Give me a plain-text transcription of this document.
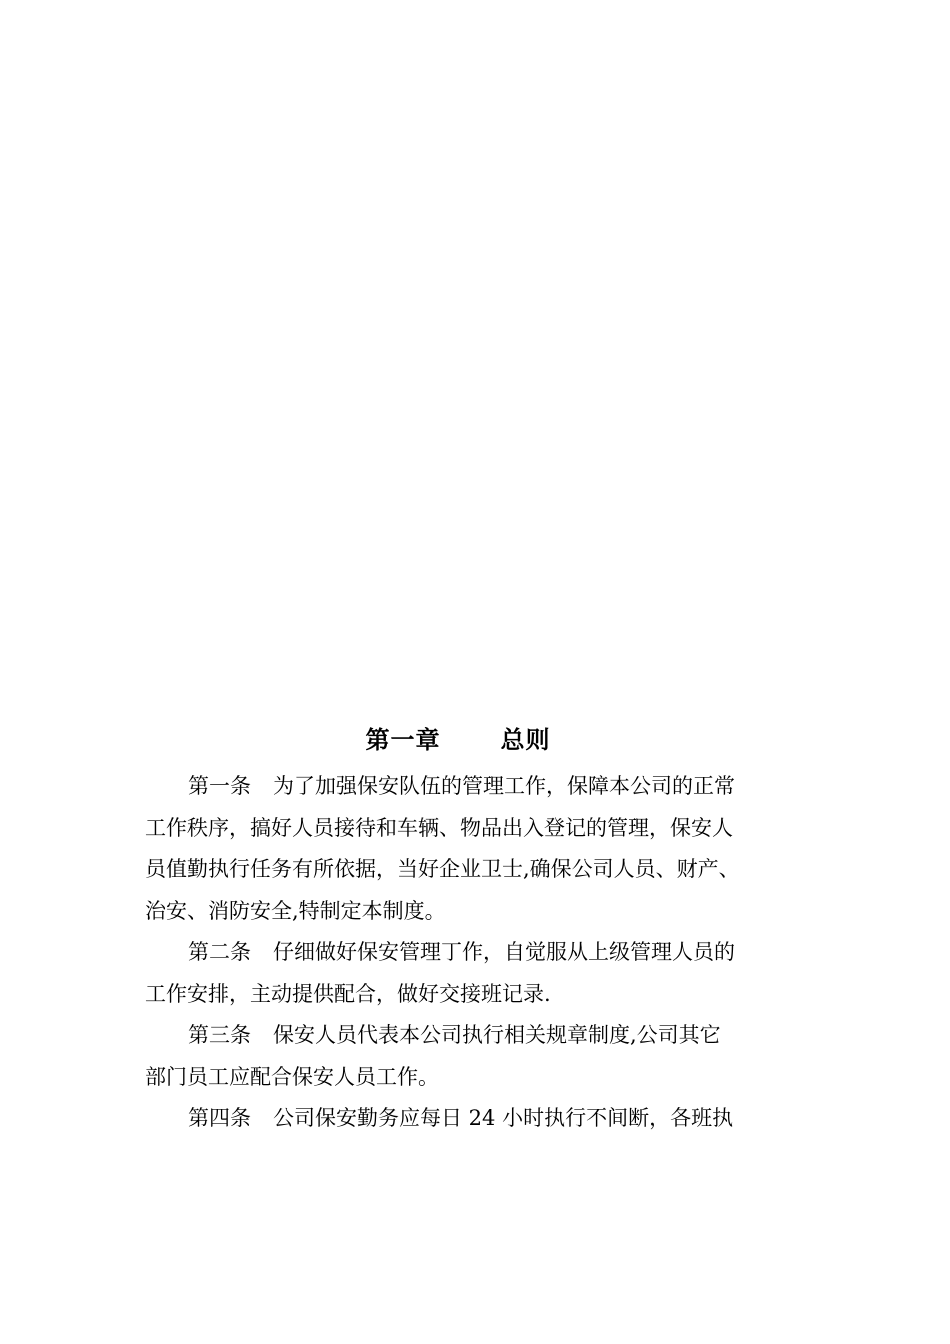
第一章	总则
第一条 为了加强保安队伍的管理工作，保障本公司的正常
工作秩序，搞好人员接待和车辆、物品出入登记的管理，保安人
员值勤执行任务有所依据，当好企业卫士,确保公司人员、财产、
治安、消防安全,特制定本制度。
第二条 仔细做好保安管理丁作，自觉服从上级管理人员的
工作安排，主动提供配合，做好交接班记录.
第三条 保安人员代表本公司执行相关规章制度,公司其它
部门员工应配合保安人员工作。
第四条 公司保安勤务应每日 24 小时执行不间断，各班执
